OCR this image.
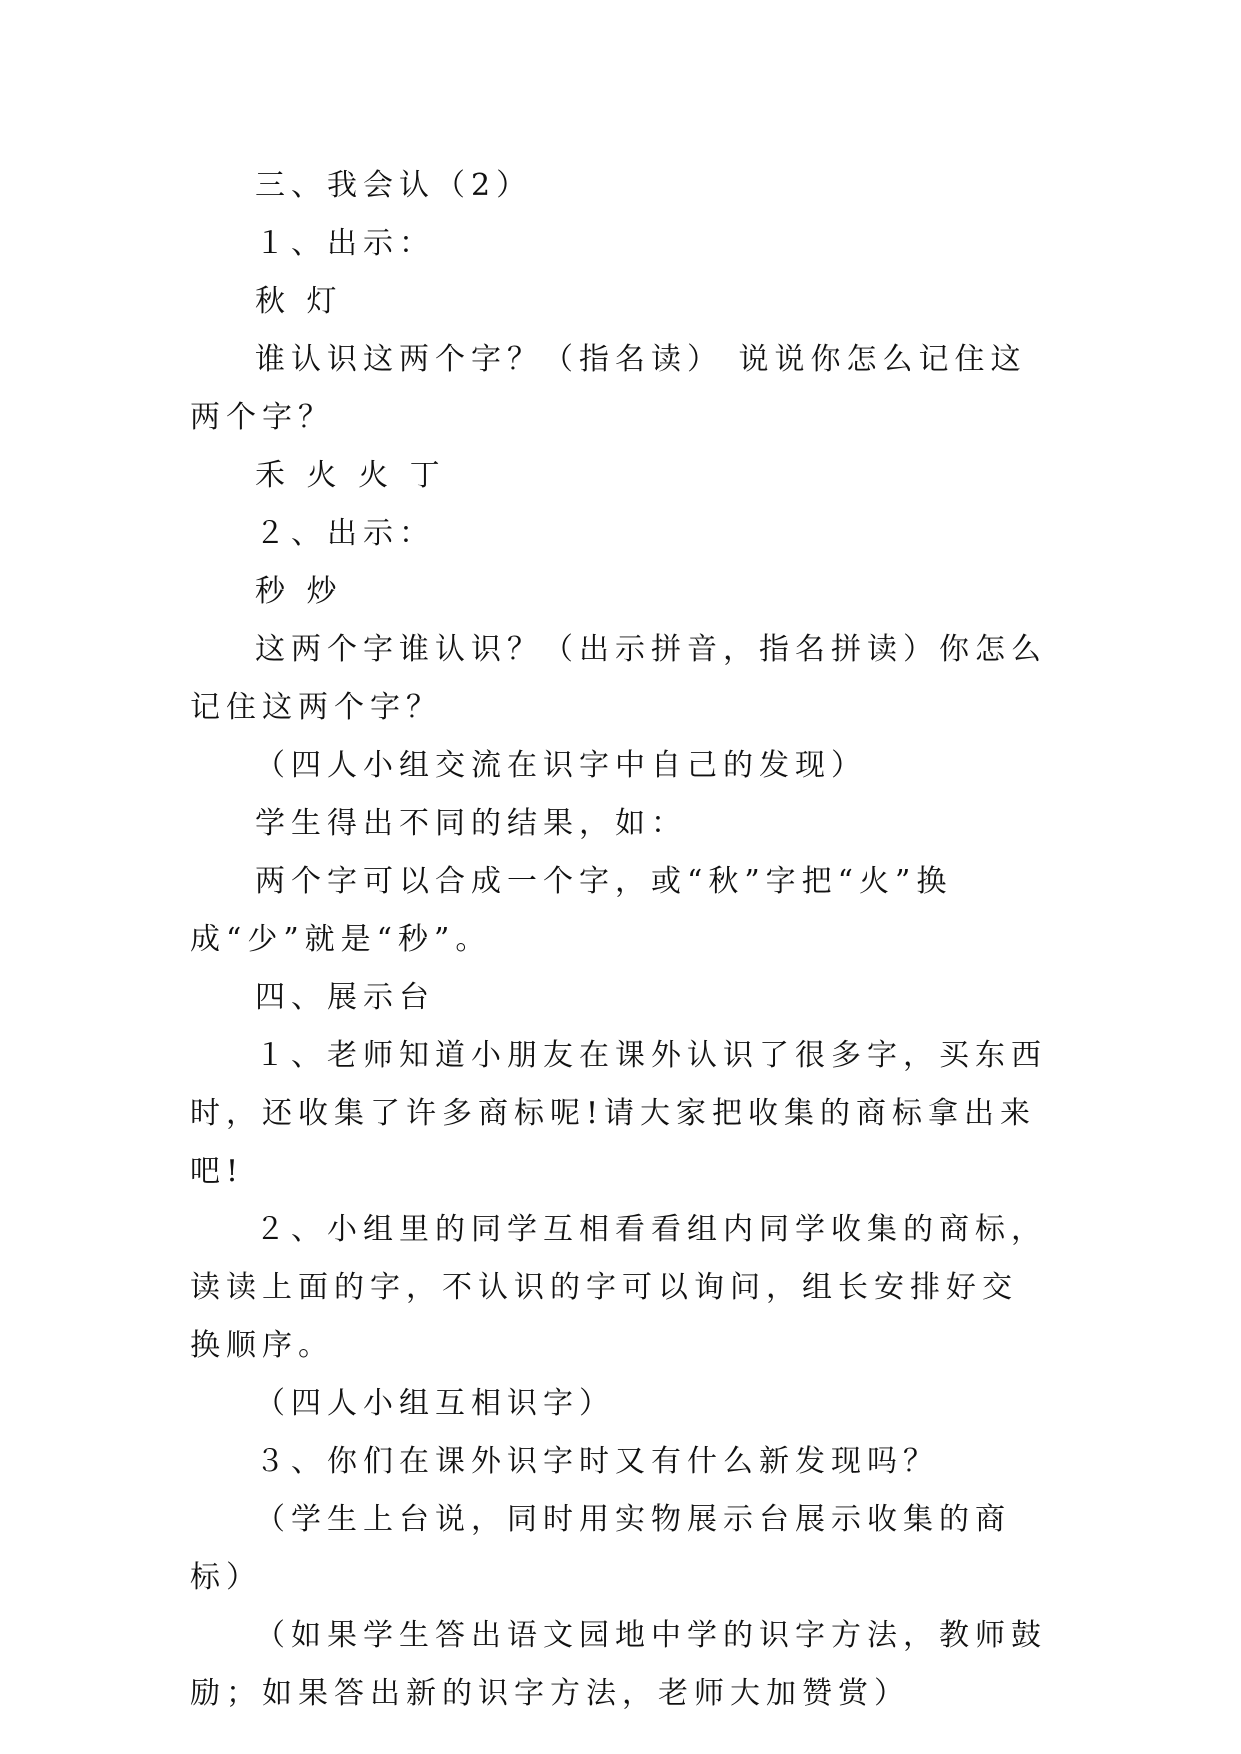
三、我会认（2）

１、出示：

秋 灯

谁认识这两个字？（指名读） 说说你怎么记住这两个字？

禾 火 火 丁

２、出示：

秒 炒

这两个字谁认识？（出示拼音，指名拼读）你怎么记住这两个字？

（四人小组交流在识字中自己的发现）

学生得出不同的结果，如：

两个字可以合成一个字，或“秋”字把“火”换成“少”就是“秒”。

四、展示台

１、老师知道小朋友在课外认识了很多字，买东西时，还收集了许多商标呢!请大家把收集的商标拿出来吧!

２、小组里的同学互相看看组内同学收集的商标，读读上面的字，不认识的字可以询问，组长安排好交换顺序。

（四人小组互相识字）

３、你们在课外识字时又有什么新发现吗？

（学生上台说，同时用实物展示台展示收集的商标）

（如果学生答出语文园地中学的识字方法，教师鼓励；如果答出新的识字方法，老师大加赞赏）
